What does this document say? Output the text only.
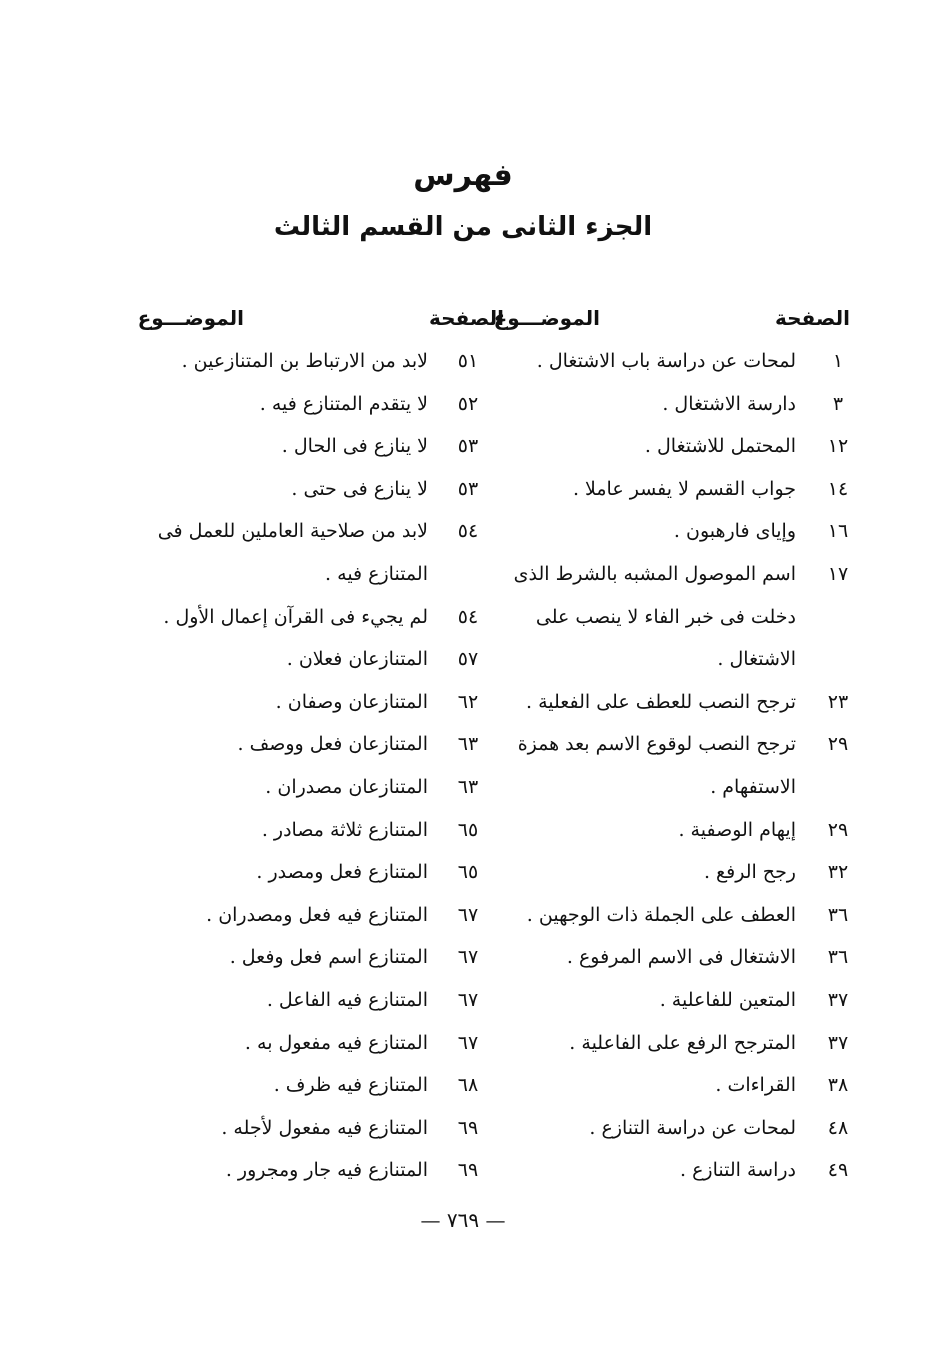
فهرس
الجزء الثانى من القسم الثالث
الصفحة
الموضـــوع
الصفحة
الموضـــوع
١
لمحات عن دراسة باب الاشتغال .
٣
دارسة الاشتغال .
١٢
المحتمل للاشتغال .
١٤
جواب القسم لا يفسر عاملا .
١٦
وإياى فارهبون .
١٧
اسم الموصول المشبه بالشرط الذى
دخلت فى خبر الفاء لا ينصب على
الاشتغال .
٢٣
ترجح النصب للعطف على الفعلية .
٢٩
ترجح النصب لوقوع الاسم بعد همزة
الاستفهام .
٢٩
إيهام الوصفية .
٣٢
رجح الرفع .
٣٦
العطف على الجملة ذات الوجهين .
٣٦
الاشتغال فى الاسم المرفوع .
٣٧
المتعين للفاعلية .
٣٧
المترجح الرفع على الفاعلية .
٣٨
القراءات .
٤٨
لمحات عن دراسة التنازع .
٤٩
دراسة التنازع .
٥١
لابد من الارتباط بن المتنازعين .
٥٢
لا يتقدم المتنازع فيه .
٥٣
لا ينازع فى الحال .
٥٣
لا ينازع فى حتى .
٥٤
لابد من صلاحية العاملين للعمل فى
المتنازع فيه .
٥٤
لم يجيء فى القرآن إعمال الأول .
٥٧
المتنازعان فعلان .
٦٢
المتنازعان وصفان .
٦٣
المتنازعان فعل ووصف .
٦٣
المتنازعان مصدران .
٦٥
المتنازع ثلاثة مصادر .
٦٥
المتنازع فعل ومصدر .
٦٧
المتنازع فيه فعل ومصدران .
٦٧
المتنازع اسم فعل وفعل .
٦٧
المتنازع فيه الفاعل .
٦٧
المتنازع فيه مفعول به .
٦٨
المتنازع فيه ظرف .
٦٩
المتنازع فيه مفعول لأجله .
٦٩
المتنازع فيه جار ومجرور .
— ٧٦٩ —
